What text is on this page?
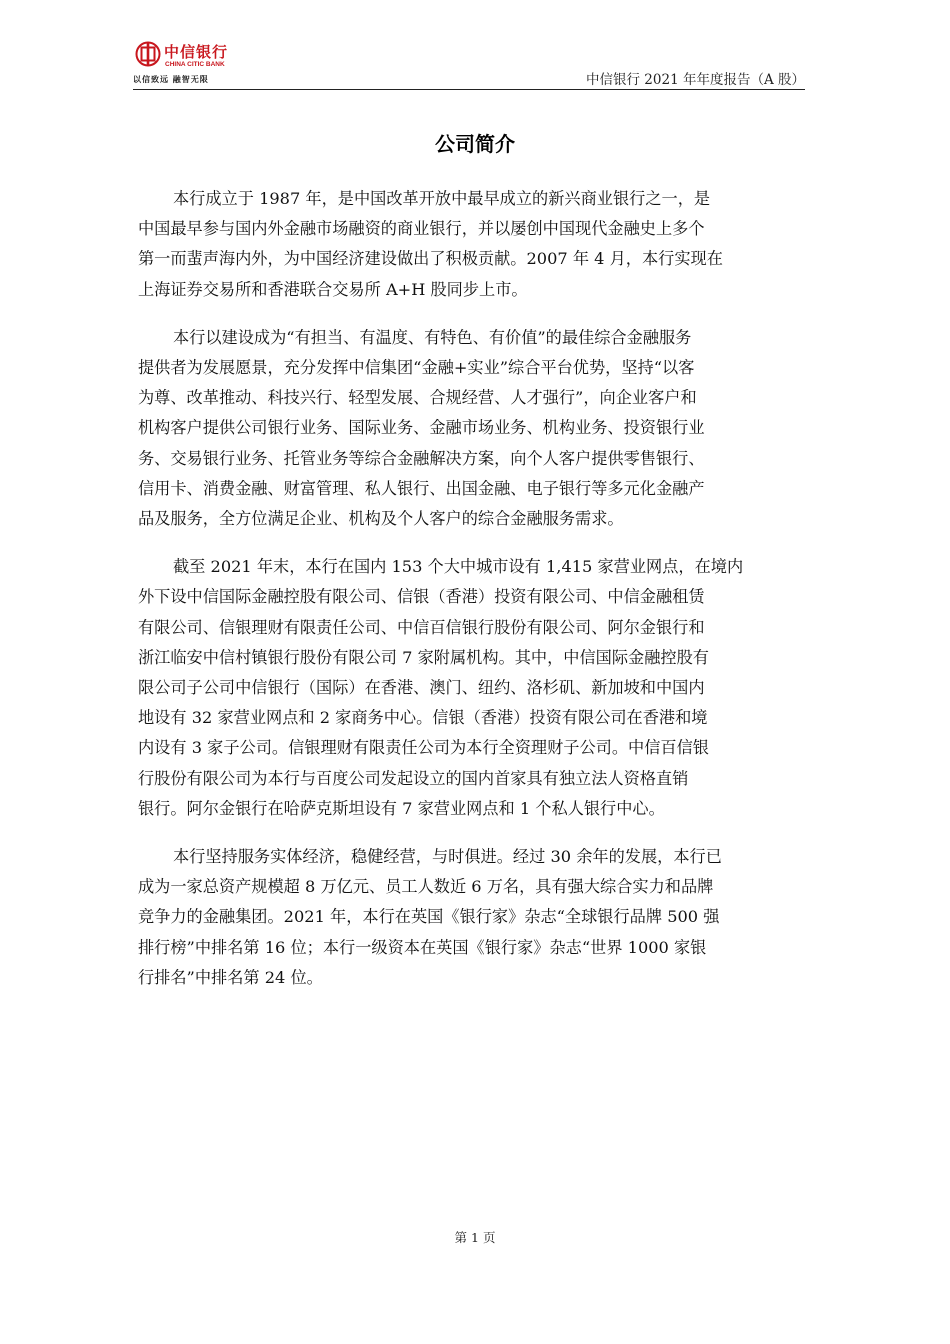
中信银行
CHINA CITIC BANK
以信致远 融智无限	中信银行 2021 年年度报告（A 股）
公司简介

本行成立于 1987 年，是中国改革开放中最早成立的新兴商业银行之一，是
中国最早参与国内外金融市场融资的商业银行，并以屡创中国现代金融史上多个
第一而蜚声海内外，为中国经济建设做出了积极贡献。2007 年 4 月，本行实现在
上海证券交易所和香港联合交易所 A+H 股同步上市。

本行以建设成为“有担当、有温度、有特色、有价值”的最佳综合金融服务
提供者为发展愿景，充分发挥中信集团“金融+实业”综合平台优势，坚持“以客
为尊、改革推动、科技兴行、轻型发展、合规经营、人才强行”，向企业客户和
机构客户提供公司银行业务、国际业务、金融市场业务、机构业务、投资银行业
务、交易银行业务、托管业务等综合金融解决方案，向个人客户提供零售银行、
信用卡、消费金融、财富管理、私人银行、出国金融、电子银行等多元化金融产
品及服务，全方位满足企业、机构及个人客户的综合金融服务需求。

截至 2021 年末，本行在国内 153 个大中城市设有 1,415 家营业网点，在境内
外下设中信国际金融控股有限公司、信银（香港）投资有限公司、中信金融租赁
有限公司、信银理财有限责任公司、中信百信银行股份有限公司、阿尔金银行和
浙江临安中信村镇银行股份有限公司 7 家附属机构。其中，中信国际金融控股有
限公司子公司中信银行（国际）在香港、澳门、纽约、洛杉矶、新加坡和中国内
地设有 32 家营业网点和 2 家商务中心。信银（香港）投资有限公司在香港和境
内设有 3 家子公司。信银理财有限责任公司为本行全资理财子公司。中信百信银
行股份有限公司为本行与百度公司发起设立的国内首家具有独立法人资格直销
银行。阿尔金银行在哈萨克斯坦设有 7 家营业网点和 1 个私人银行中心。

本行坚持服务实体经济，稳健经营，与时俱进。经过 30 余年的发展，本行已
成为一家总资产规模超 8 万亿元、员工人数近 6 万名，具有强大综合实力和品牌
竞争力的金融集团。2021 年，本行在英国《银行家》杂志“全球银行品牌 500 强
排行榜”中排名第 16 位；本行一级资本在英国《银行家》杂志“世界 1000 家银
行排名”中排名第 24 位。

第 1 页
